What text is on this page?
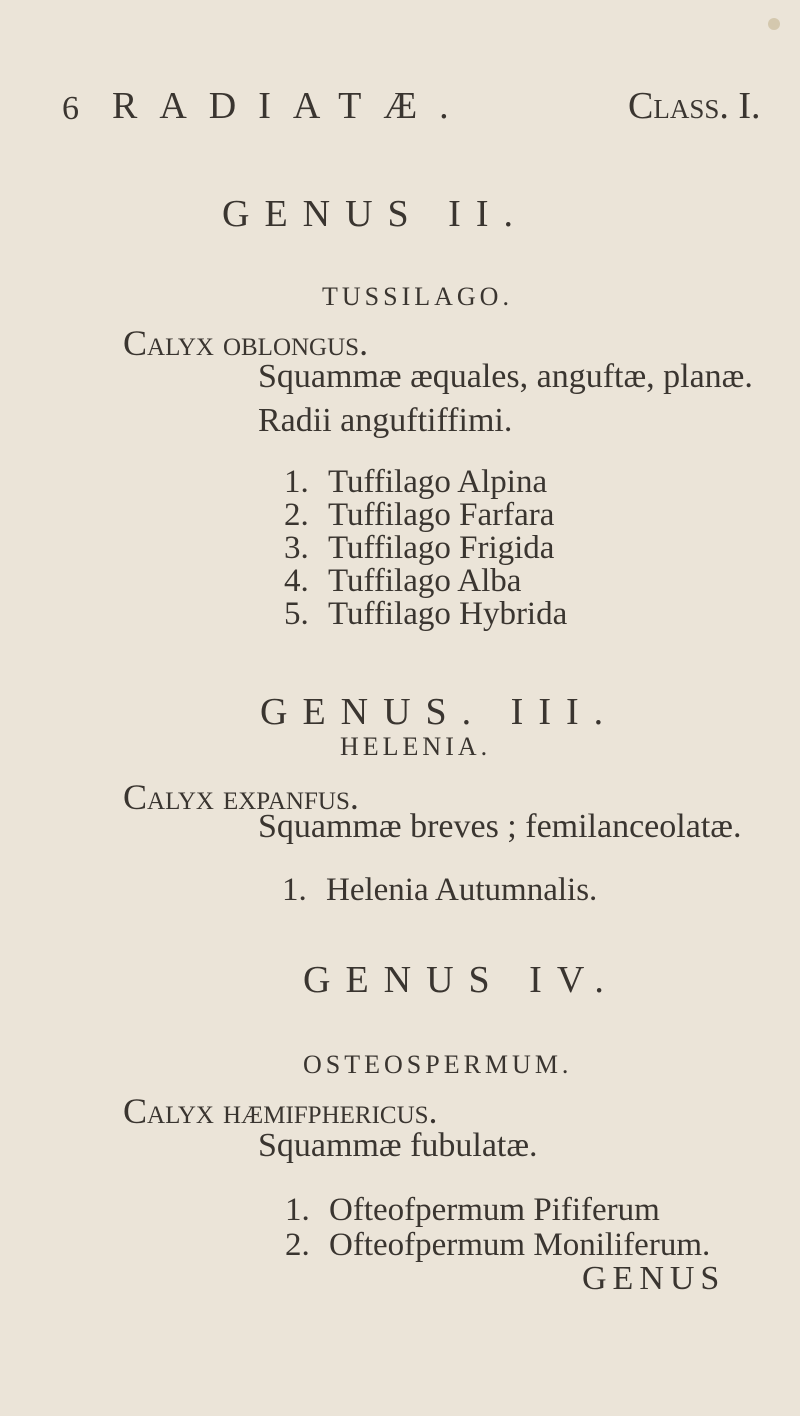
6 RADIATÆ.	Class. I.
GENUS II.
TUSSILAGO.
Calyx oblongus.
Squammæ æquales, anguftæ, planæ.
Radii anguftiffimi.
1. Tuffilago Alpina
2. Tuffilago Farfara
3. Tuffilago Frigida
4. Tuffilago Alba
5. Tuffilago Hybrida
GENUS. III.
HELENIA.
Calyx expanfus.
Squammæ breves ; femilanceolatæ.
1. Helenia Autumnalis.
GENUS IV.
OSTEOSPERMUM.
Calyx hæmifphericus.
Squammæ fubulatæ.
1. Ofteofpermum Pififerum
2. Ofteofpermum Moniliferum.
GENUS
